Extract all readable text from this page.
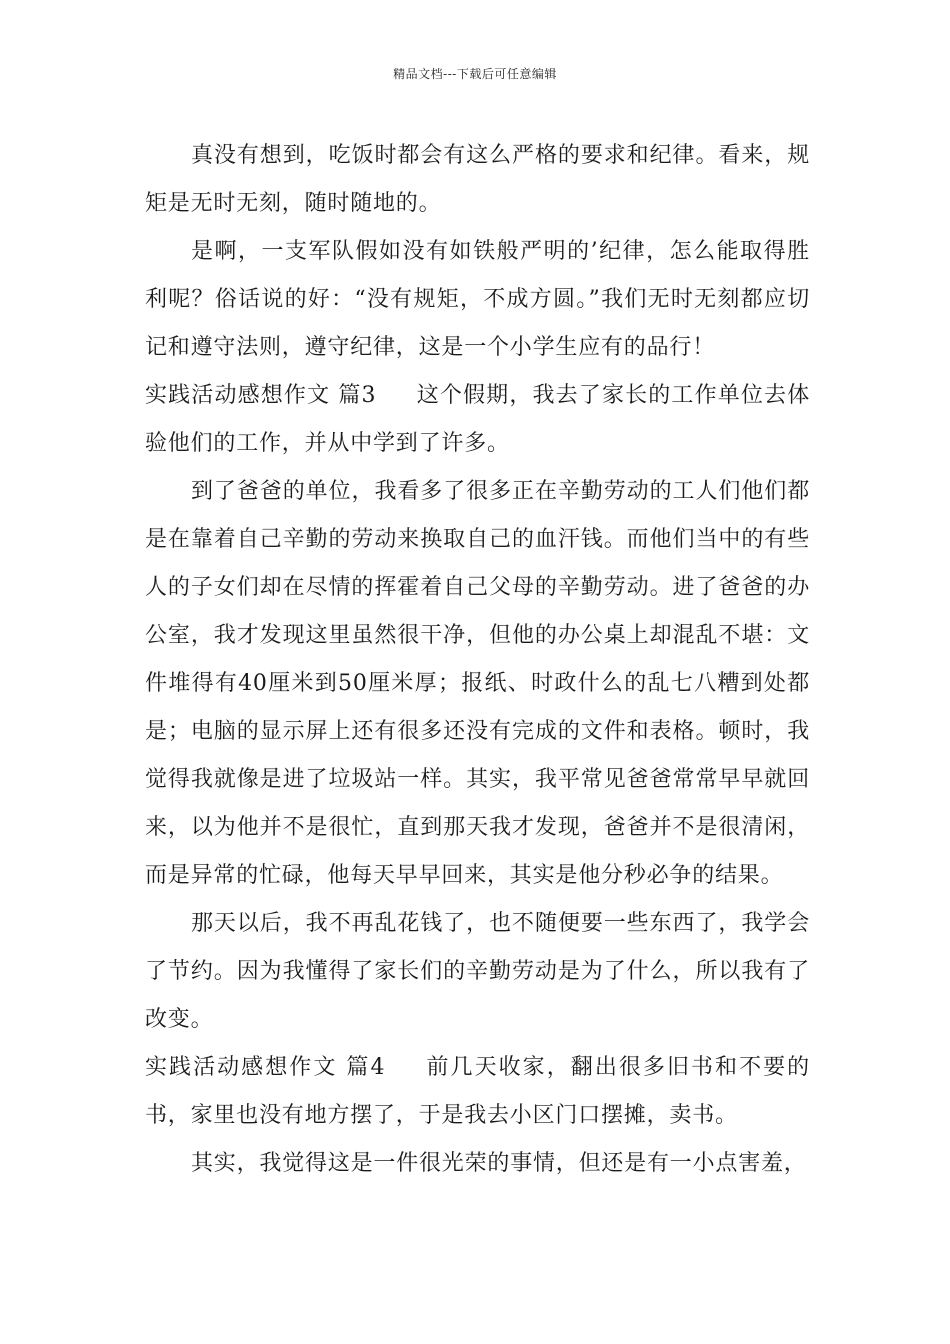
精品文档---下载后可任意编辑

真没有想到，吃饭时都会有这么严格的要求和纪律。看来，规矩是无时无刻，随时随地的。

是啊，一支军队假如没有如铁般严明的’纪律，怎么能取得胜利呢？俗话说的好：“没有规矩，不成方圆。”我们无时无刻都应切记和遵守法则，遵守纪律，这是一个小学生应有的品行！

实践活动感想作文 篇3 这个假期，我去了家长的工作单位去体验他们的工作，并从中学到了许多。

到了爸爸的单位，我看多了很多正在辛勤劳动的工人们他们都是在靠着自己辛勤的劳动来换取自己的血汗钱。而他们当中的有些人的子女们却在尽情的挥霍着自己父母的辛勤劳动。进了爸爸的办公室，我才发现这里虽然很干净，但他的办公桌上却混乱不堪：文件堆得有40厘米到50厘米厚；报纸、时政什么的乱七八糟到处都是；电脑的显示屏上还有很多还没有完成的文件和表格。顿时，我觉得我就像是进了垃圾站一样。其实，我平常见爸爸常常早早就回来，以为他并不是很忙，直到那天我才发现，爸爸并不是很清闲，而是异常的忙碌，他每天早早回来，其实是他分秒必争的结果。

那天以后，我不再乱花钱了，也不随便要一些东西了，我学会了节约。因为我懂得了家长们的辛勤劳动是为了什么，所以我有了改变。

实践活动感想作文 篇4 前几天收家，翻出很多旧书和不要的书，家里也没有地方摆了，于是我去小区门口摆摊，卖书。

其实，我觉得这是一件很光荣的事情，但还是有一小点害羞，
